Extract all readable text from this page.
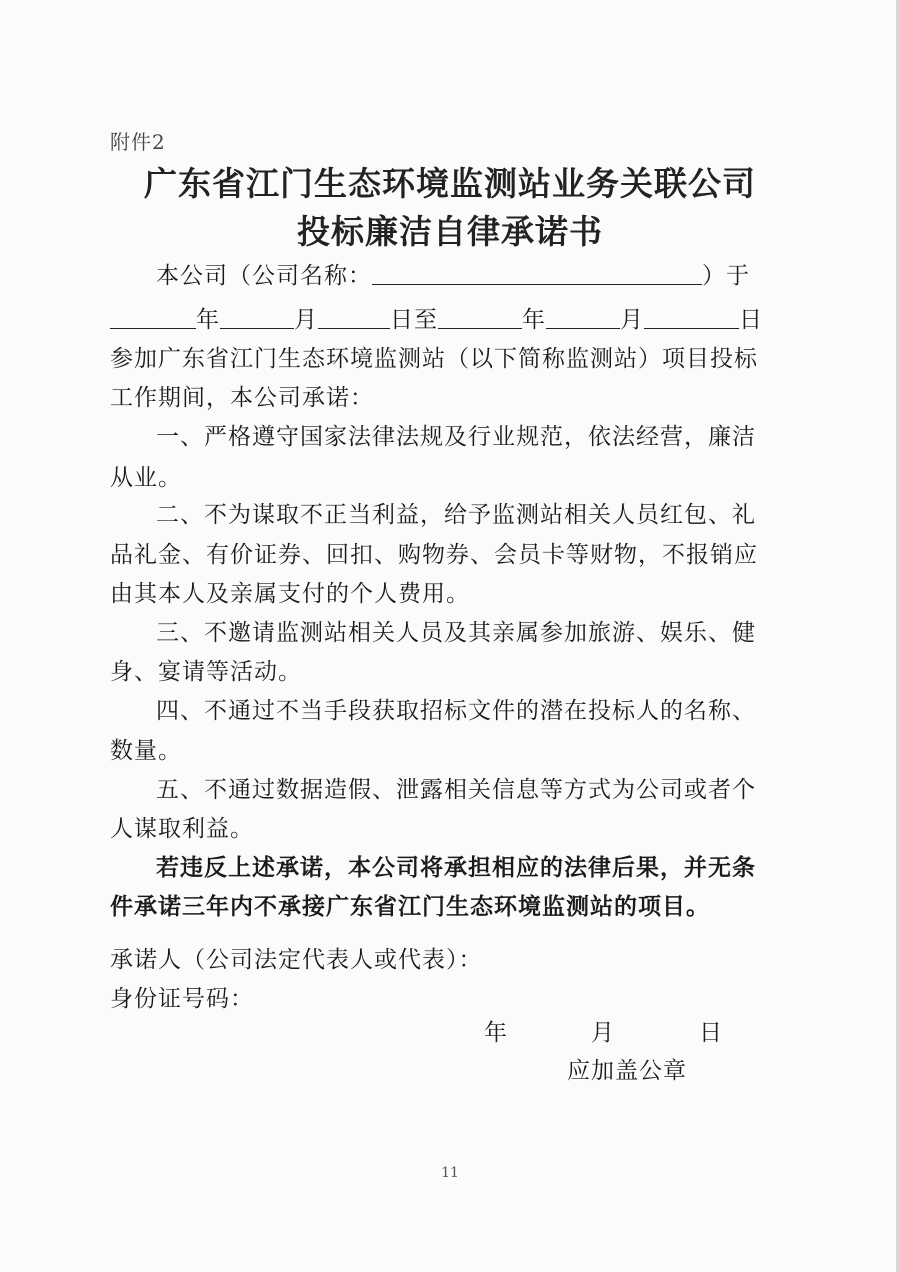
附件2
广东省江门生态环境监测站业务关联公司
投标廉洁自律承诺书
本公司（公司名称：	）于
年	月	日至	年	月	日
参加广东省江门生态环境监测站（以下简称监测站）项目投标
工作期间，本公司承诺：
一、严格遵守国家法律法规及行业规范，依法经营，廉洁
从业。
二、不为谋取不正当利益，给予监测站相关人员红包、礼
品礼金、有价证券、回扣、购物券、会员卡等财物，不报销应
由其本人及亲属支付的个人费用。
三、不邀请监测站相关人员及其亲属参加旅游、娱乐、健
身、宴请等活动。
四、不通过不当手段获取招标文件的潜在投标人的名称、
数量。
五、不通过数据造假、泄露相关信息等方式为公司或者个
人谋取利益。
若违反上述承诺，本公司将承担相应的法律后果，并无条
件承诺三年内不承接广东省江门生态环境监测站的项目。
承诺人（公司法定代表人或代表）：
身份证号码：
年	月	日
应加盖公章
11
